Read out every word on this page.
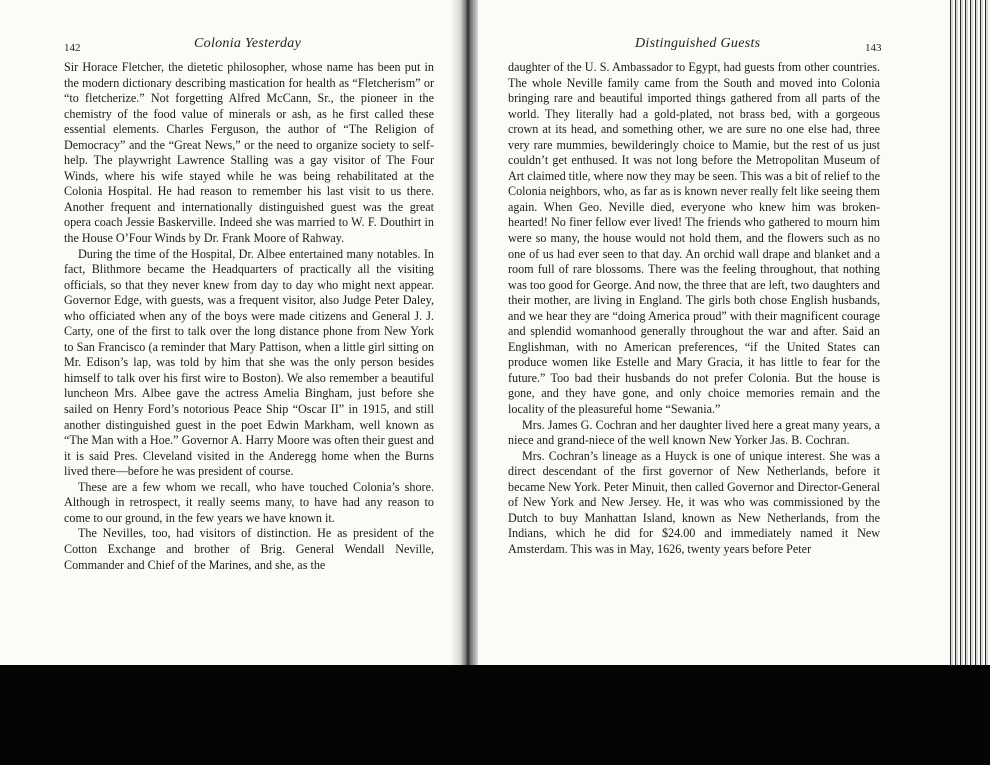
142	Colonia Yesterday

Sir Horace Fletcher, the dietetic philosopher, whose name has been put in the modern dictionary describing mastication for health as “Fletcherism” or “to fletcherize.” Not forgetting Alfred McCann, Sr., the pioneer in the chemistry of the food value of minerals or ash, as he first called these essential elements. Charles Ferguson, the author of “The Religion of Democracy” and the “Great News,” or the need to organize society to self-help. The playwright Lawrence Stalling was a gay visitor of The Four Winds, where his wife stayed while he was being rehabilitated at the Colonia Hospital. He had reason to remember his last visit to us there. Another frequent and internationally distinguished guest was the great opera coach Jessie Baskerville. Indeed she was married to W. F. Douthirt in the House O’Four Winds by Dr. Frank Moore of Rahway.

During the time of the Hospital, Dr. Albee entertained many notables. In fact, Blithmore became the Headquarters of practically all the visiting officials, so that they never knew from day to day who might next appear. Governor Edge, with guests, was a frequent visitor, also Judge Peter Daley, who officiated when any of the boys were made citizens and General J. J. Carty, one of the first to talk over the long distance phone from New York to San Francisco (a reminder that Mary Pattison, when a little girl sitting on Mr. Edison’s lap, was told by him that she was the only person besides himself to talk over his first wire to Boston). We also remember a beautiful luncheon Mrs. Albee gave the actress Amelia Bingham, just before she sailed on Henry Ford’s notorious Peace Ship “Oscar II” in 1915, and still another distinguished guest in the poet Edwin Markham, well known as “The Man with a Hoe.” Governor A. Harry Moore was often their guest and it is said Pres. Cleveland visited in the Anderegg home when the Burns lived there—before he was president of course.

These are a few whom we recall, who have touched Colonia’s shore. Although in retrospect, it really seems many, to have had any reason to come to our ground, in the few years we have known it.

The Nevilles, too, had visitors of distinction. He as president of the Cotton Exchange and brother of Brig. General Wendall Neville, Commander and Chief of the Marines, and she, as the

Distinguished Guests	143

daughter of the U. S. Ambassador to Egypt, had guests from other countries. The whole Neville family came from the South and moved into Colonia bringing rare and beautiful imported things gathered from all parts of the world. They literally had a gold-plated, not brass bed, with a gorgeous crown at its head, and something other, we are sure no one else had, three very rare mummies, bewilderingly choice to Mamie, but the rest of us just couldn’t get enthused. It was not long before the Metropolitan Museum of Art claimed title, where now they may be seen. This was a bit of relief to the Colonia neighbors, who, as far as is known never really felt like seeing them again. When Geo. Neville died, everyone who knew him was broken-hearted! No finer fellow ever lived! The friends who gathered to mourn him were so many, the house would not hold them, and the flowers such as no one of us had ever seen to that day. An orchid wall drape and blanket and a room full of rare blossoms. There was the feeling throughout, that nothing was too good for George. And now, the three that are left, two daughters and their mother, are living in England. The girls both chose English husbands, and we hear they are “doing America proud” with their magnificent courage and splendid womanhood generally throughout the war and after. Said an Englishman, with no American preferences, “if the United States can produce women like Estelle and Mary Gracia, it has little to fear for the future.” Too bad their husbands do not prefer Colonia. But the house is gone, and they have gone, and only choice memories remain and the locality of the pleasureful home “Sewania.”

Mrs. James G. Cochran and her daughter lived here a great many years, a niece and grand-niece of the well known New Yorker Jas. B. Cochran.

Mrs. Cochran’s lineage as a Huyck is one of unique interest. She was a direct descendant of the first governor of New Netherlands, before it became New York. Peter Minuit, then called Governor and Director-General of New York and New Jersey. He, it was who was commissioned by the Dutch to buy Manhattan Island, known as New Netherlands, from the Indians, which he did for $24.00 and immediately named it New Amsterdam. This was in May, 1626, twenty years before Peter
